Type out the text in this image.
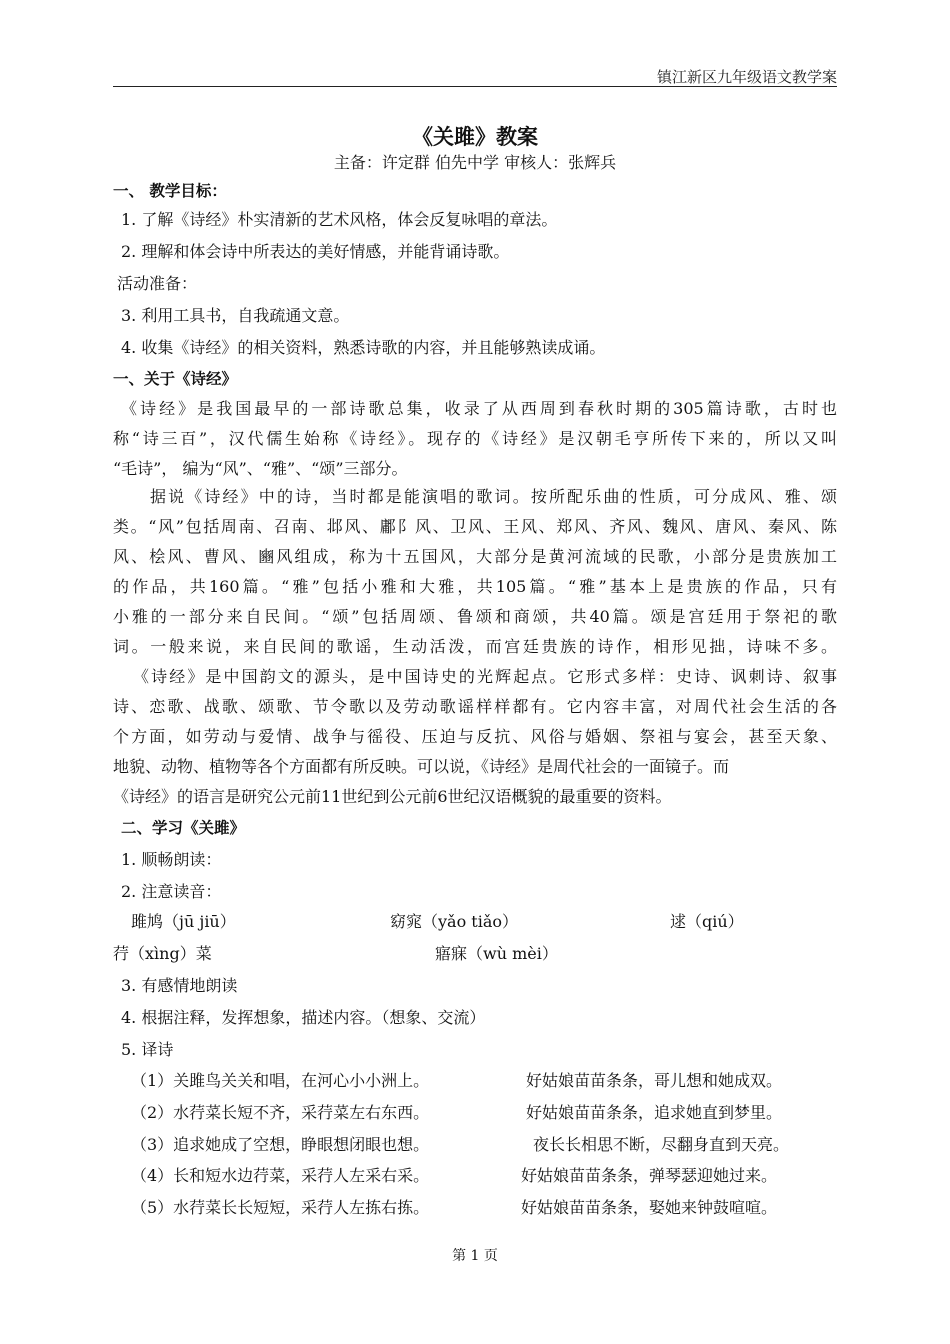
镇江新区九年级语文教学案
《关雎》教案
主备：许定群 伯先中学 审核人：张辉兵
一、 教学目标：
1. 了解《诗经》朴实清新的艺术风格，体会反复咏唱的章法。
2. 理解和体会诗中所表达的美好情感，并能背诵诗歌。
活动准备：
3. 利用工具书，自我疏通文意。
4. 收集《诗经》的相关资料，熟悉诗歌的内容，并且能够熟读成诵。
一、关于《诗经》
《诗经》是我国最早的一部诗歌总集，收录了从西周到春秋时期的305篇诗歌，古时也
称“诗三百”，汉代儒生始称《诗经》。现存的《诗经》是汉朝毛亨所传下来的，所以又叫
“毛诗”， 编为“风”、“雅”、“颂”三部分。
据说《诗经》中的诗，当时都是能演唱的歌词。按所配乐曲的性质，可分成风、雅、颂
类。“风”包括周南、召南、邶风、鄘阝风、卫风、王风、郑风、齐风、魏风、唐风、秦风、陈
风、桧风、曹风、豳风组成，称为十五国风，大部分是黄河流域的民歌，小部分是贵族加工
的作品，共160篇。“雅”包括小雅和大雅，共105篇。“雅”基本上是贵族的作品，只有
小雅的一部分来自民间。“颂”包括周颂、鲁颂和商颂，共40篇。颂是宫廷用于祭祀的歌
词。一般来说，来自民间的歌谣，生动活泼，而宫廷贵族的诗作，相形见拙，诗味不多。
《诗经》是中国韵文的源头，是中国诗史的光辉起点。它形式多样：史诗、讽刺诗、叙事
诗、恋歌、战歌、颂歌、节令歌以及劳动歌谣样样都有。它内容丰富，对周代社会生活的各
个方面，如劳动与爱情、战争与徭役、压迫与反抗、风俗与婚姻、祭祖与宴会，甚至天象、
地貌、动物、植物等各个方面都有所反映。可以说，《诗经》是周代社会的一面镜子。而
《诗经》的语言是研究公元前11世纪到公元前6世纪汉语概貌的最重要的资料。
二、学习《关雎》
1. 顺畅朗读：
2. 注意读音：
雎鸠（jū jiū）	窈窕（yǎo tiǎo）	逑（qiú）
荇（xìng）菜	寤寐（wù mèi）
3. 有感情地朗读
4. 根据注释，发挥想象，描述内容。（想象、交流）
5. 译诗
（1）关雎鸟关关和唱，在河心小小洲上。	好姑娘苗苗条条，哥儿想和她成双。
（2）水荇菜长短不齐，采荇菜左右东西。	好姑娘苗苗条条，追求她直到梦里。
（3）追求她成了空想，睁眼想闭眼也想。	夜长长相思不断，尽翻身直到天亮。
（4）长和短水边荇菜，采荇人左采右采。	好姑娘苗苗条条，弹琴瑟迎她过来。
（5）水荇菜长长短短，采荇人左拣右拣。	好姑娘苗苗条条，娶她来钟鼓喧喧。
第 1 页
